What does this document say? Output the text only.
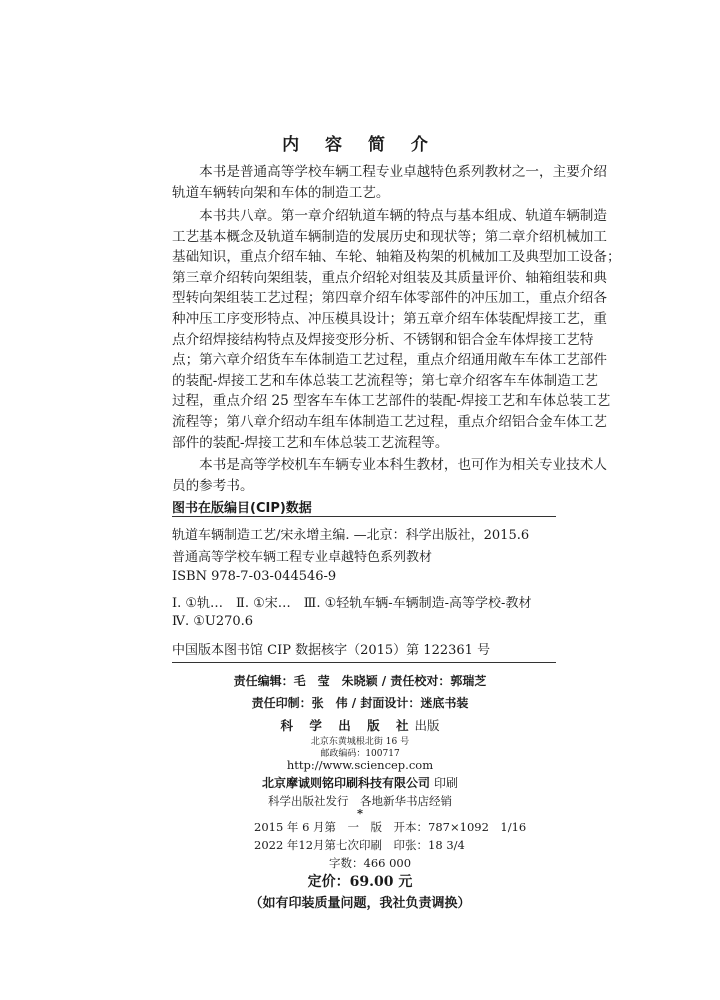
内 容 简 介
　　本书是普通高等学校车辆工程专业卓越特色系列教材之一，主要介绍
轨道车辆转向架和车体的制造工艺。
　　本书共八章。第一章介绍轨道车辆的特点与基本组成、轨道车辆制造
工艺基本概念及轨道车辆制造的发展历史和现状等；第二章介绍机械加工
基础知识，重点介绍车轴、车轮、轴箱及构架的机械加工及典型加工设备；
第三章介绍转向架组装，重点介绍轮对组装及其质量评价、轴箱组装和典
型转向架组装工艺过程；第四章介绍车体零部件的冲压加工，重点介绍各
种冲压工序变形特点、冲压模具设计；第五章介绍车体装配焊接工艺，重
点介绍焊接结构特点及焊接变形分析、不锈钢和铝合金车体焊接工艺特
点；第六章介绍货车车体制造工艺过程，重点介绍通用敞车车体工艺部件
的装配-焊接工艺和车体总装工艺流程等；第七章介绍客车车体制造工艺
过程，重点介绍 25 型客车车体工艺部件的装配-焊接工艺和车体总装工艺
流程等；第八章介绍动车组车体制造工艺过程，重点介绍铝合金车体工艺
部件的装配-焊接工艺和车体总装工艺流程等。
　　本书是高等学校机车车辆专业本科生教材，也可作为相关专业技术人
员的参考书。
图书在版编目(CIP)数据
轨道车辆制造工艺/宋永增主编. —北京：科学出版社，2015.6
普通高等学校车辆工程专业卓越特色系列教材
ISBN 978-7-03-044546-9
Ⅰ. ①轨…　Ⅱ. ①宋…　Ⅲ. ①轻轨车辆-车辆制造-高等学校-教材
Ⅳ. ①U270.6
中国版本图书馆 CIP 数据核字（2015）第 122361 号
责任编辑：毛　莹　朱晓颖 / 责任校对：郭瑞芝
责任印制：张　伟 / 封面设计：迷底书装
科 学 出 版 社出版
北京东黄城根北街 16 号
邮政编码：100717
http://www.sciencep.com
北京摩诚则铭印刷科技有限公司 印刷
科学出版社发行　各地新华书店经销
*
2015 年 6 月第　一　版　开本：787×1092　1/16
2022 年12月第七次印刷　印张：18 3/4
字数：466 000
定价：69.00 元
（如有印装质量问题，我社负责调换）
